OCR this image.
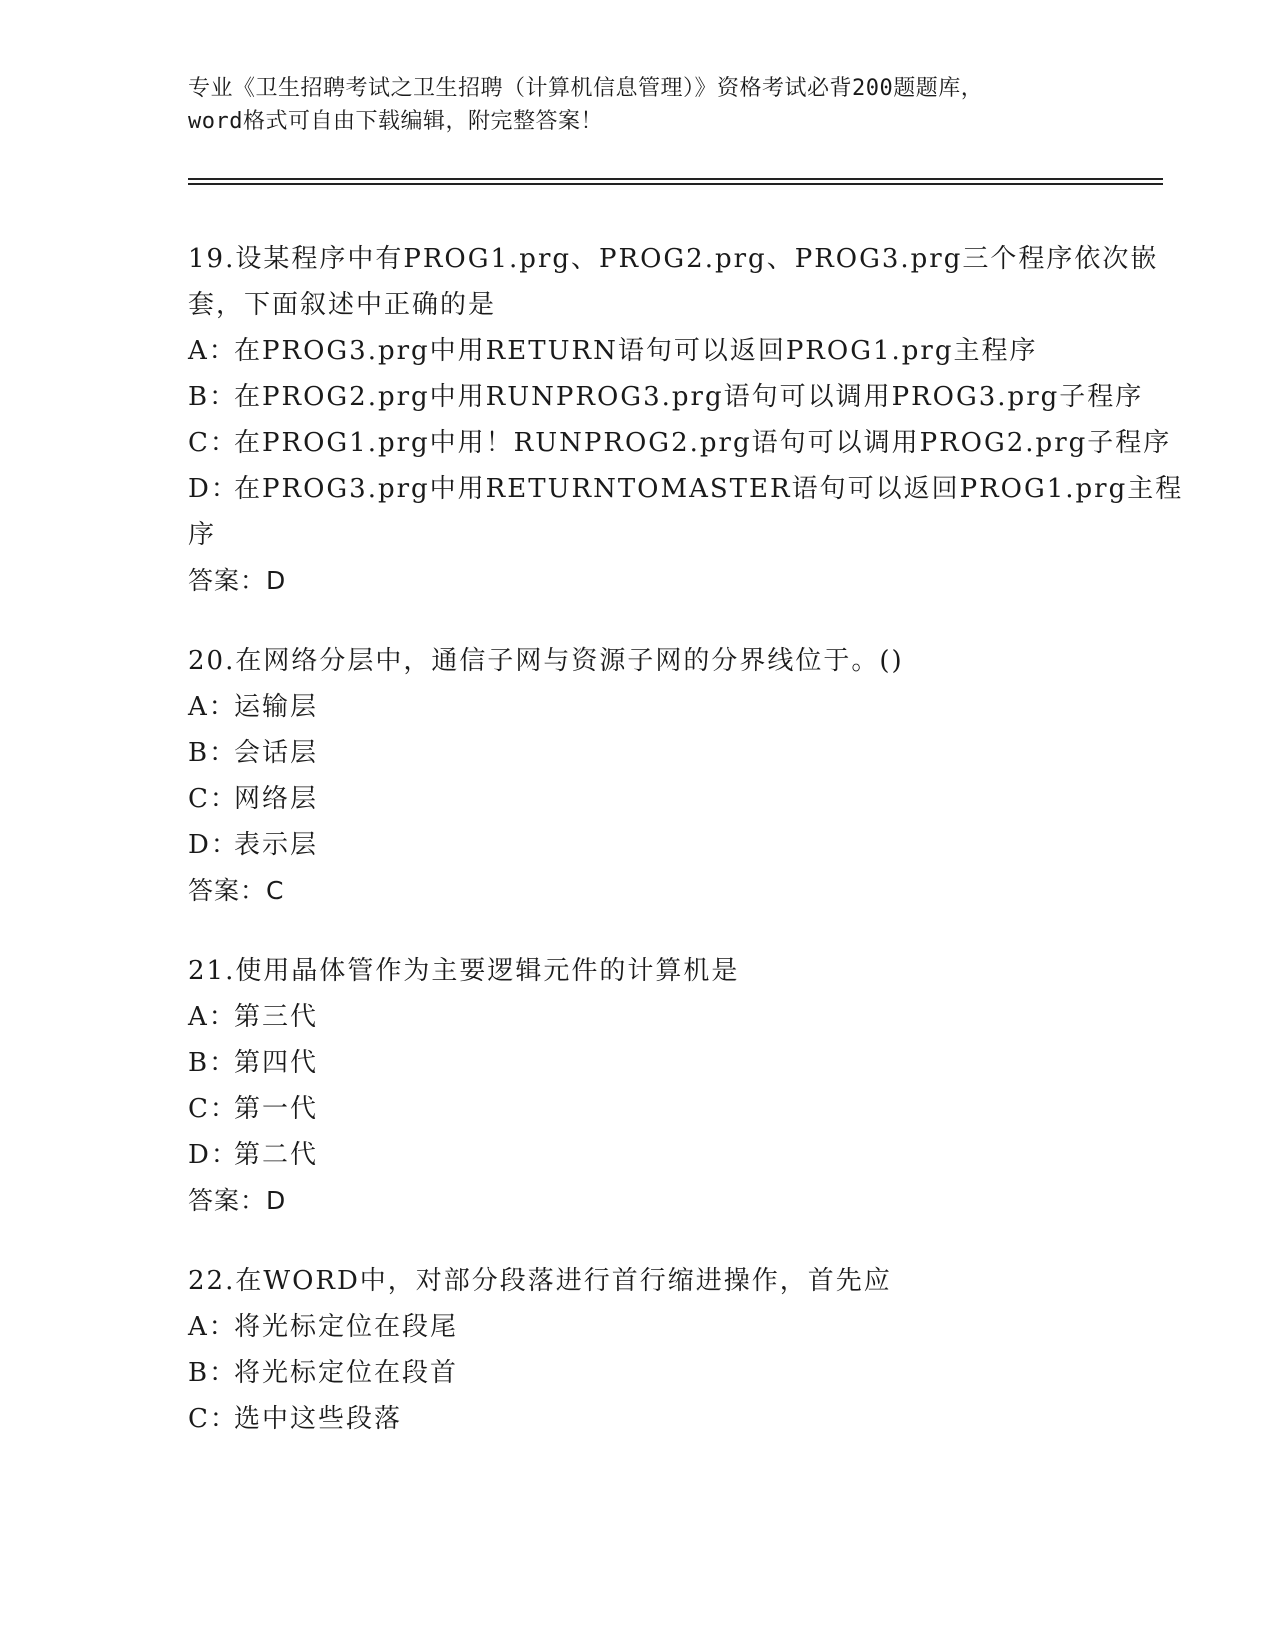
专业《卫生招聘考试之卫生招聘（计算机信息管理）》资格考试必背200题题库，
word格式可自由下载编辑，附完整答案！
19.设某程序中有PROG1.prg、PROG2.prg、PROG3.prg三个程序依次嵌
套，下面叙述中正确的是
A：在PROG3.prg中用RETURN语句可以返回PROG1.prg主程序
B：在PROG2.prg中用RUNPROG3.prg语句可以调用PROG3.prg子程序
C：在PROG1.prg中用！RUNPROG2.prg语句可以调用PROG2.prg子程序
D：在PROG3.prg中用RETURNTOMASTER语句可以返回PROG1.prg主程
序
答案：D
20.在网络分层中，通信子网与资源子网的分界线位于。()
A：运输层
B：会话层
C：网络层
D：表示层
答案：C
21.使用晶体管作为主要逻辑元件的计算机是
A：第三代
B：第四代
C：第一代
D：第二代
答案：D
22.在WORD中，对部分段落进行首行缩进操作，首先应
A：将光标定位在段尾
B：将光标定位在段首
C：选中这些段落
